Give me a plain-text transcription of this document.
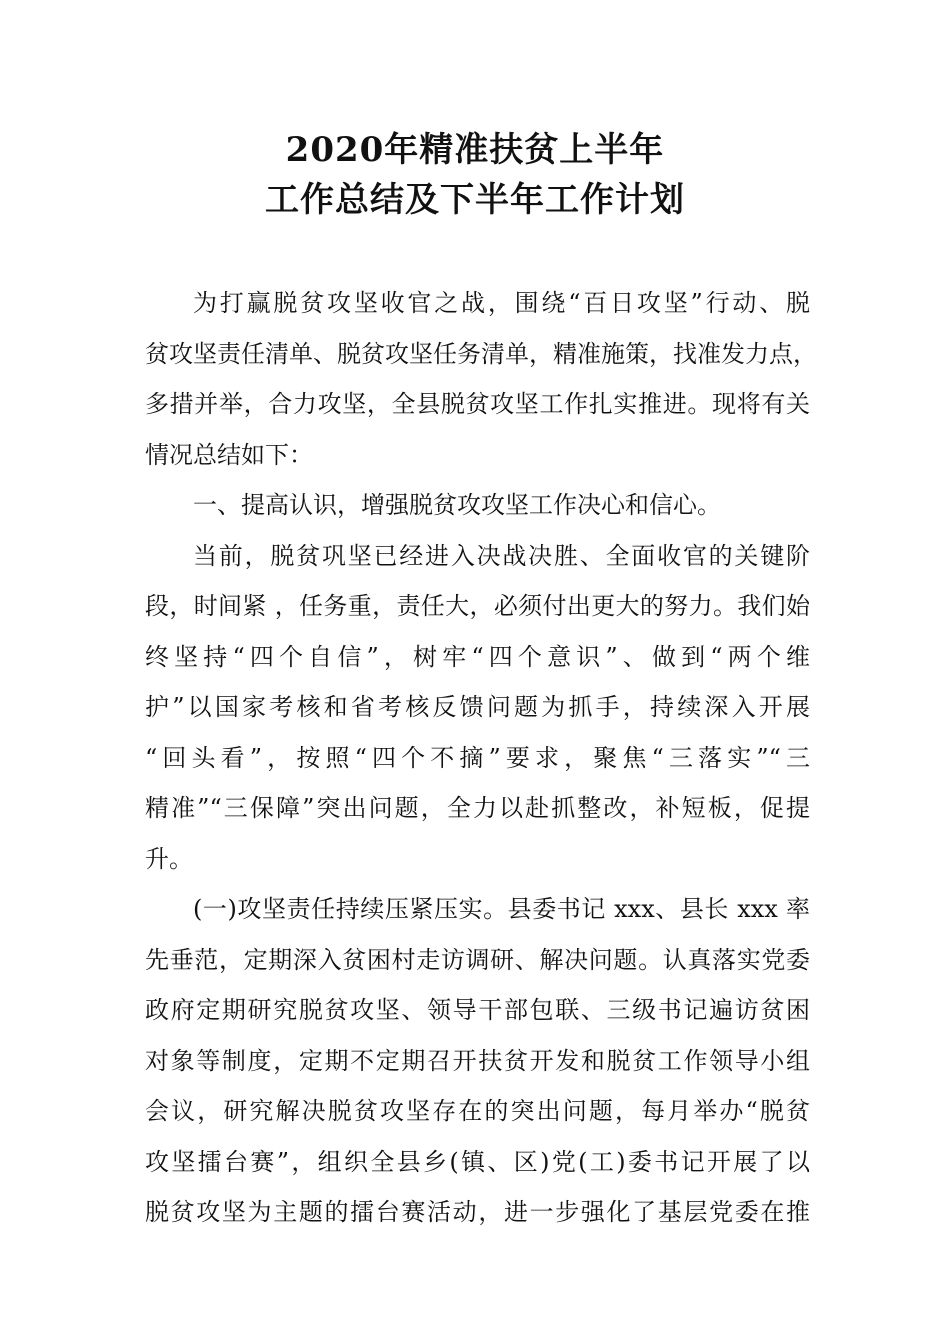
2020年精准扶贫上半年
工作总结及下半年工作计划
为打赢脱贫攻坚收官之战，围绕“百日攻坚”行动、脱
贫攻坚责任清单、脱贫攻坚任务清单，精准施策，找准发力点，
多措并举，合力攻坚，全县脱贫攻坚工作扎实推进。现将有关
情况总结如下：
一、提高认识，增强脱贫攻攻坚工作决心和信心。
当前，脱贫巩坚已经进入决战决胜、全面收官的关键阶
段，时间紧 ，任务重，责任大，必须付出更大的努力。我们始
终坚持“四个自信”，树牢“四个意识”、做到“两个维
护”以国家考核和省考核反馈问题为抓手，持续深入开展
“回头看”，按照“四个不摘”要求，聚焦“三落实”“三
精准”“三保障”突出问题，全力以赴抓整改，补短板，促提
升。
(一)攻坚责任持续压紧压实。县委书记 xxx、县长 xxx 率
先垂范，定期深入贫困村走访调研、解决问题。认真落实党委
政府定期研究脱贫攻坚、领导干部包联、三级书记遍访贫困
对象等制度，定期不定期召开扶贫开发和脱贫工作领导小组
会议，研究解决脱贫攻坚存在的突出问题，每月举办“脱贫
攻坚擂台赛”，组织全县乡(镇、区)党(工)委书记开展了以
脱贫攻坚为主题的擂台赛活动，进一步强化了基层党委在推
